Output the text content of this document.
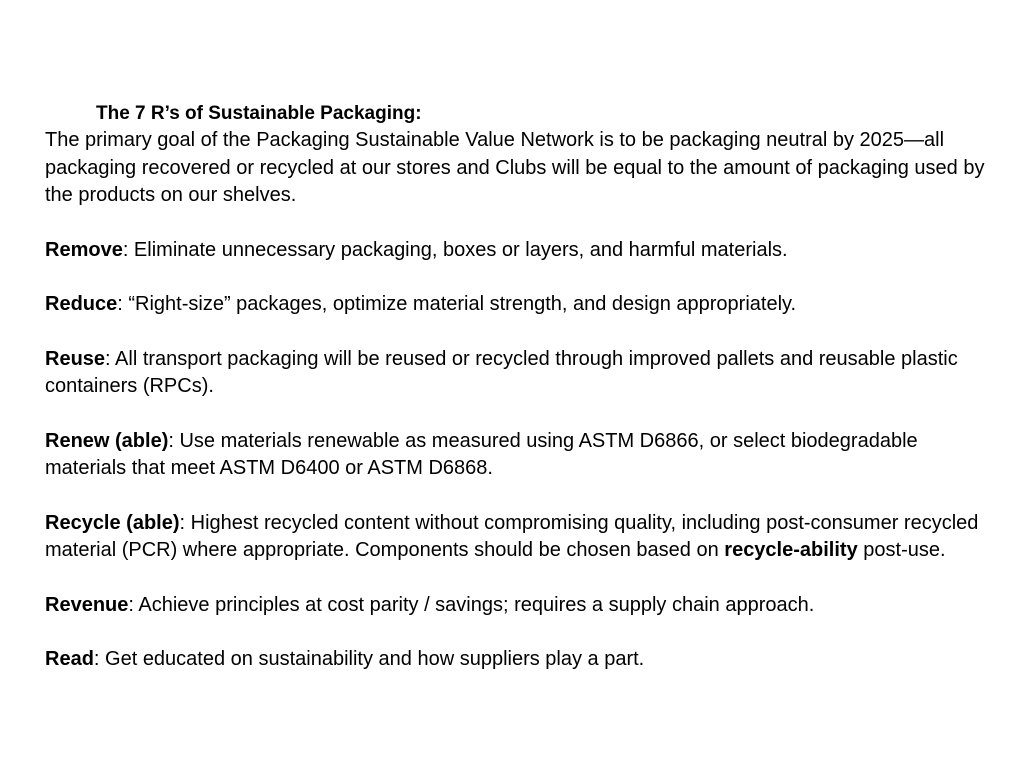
The 7 R’s of Sustainable Packaging:

The primary goal of the Packaging Sustainable Value Network is to be packaging neutral by 2025—all packaging recovered or recycled at our stores and Clubs will be equal to the amount of packaging used by the products on our shelves.

Remove: Eliminate unnecessary packaging, boxes or layers, and harmful materials.

Reduce: “Right-size” packages, optimize material strength, and design appropriately.

Reuse: All transport packaging will be reused or recycled through improved pallets and reusable plastic containers (RPCs).

Renew (able): Use materials renewable as measured using ASTM D6866, or select biodegradable materials that meet ASTM D6400 or ASTM D6868.

Recycle (able): Highest recycled content without compromising quality, including post-consumer recycled material (PCR) where appropriate. Components should be chosen based on recycle-ability post-use.

Revenue: Achieve principles at cost parity / savings; requires a supply chain approach.

Read: Get educated on sustainability and how suppliers play a part.
